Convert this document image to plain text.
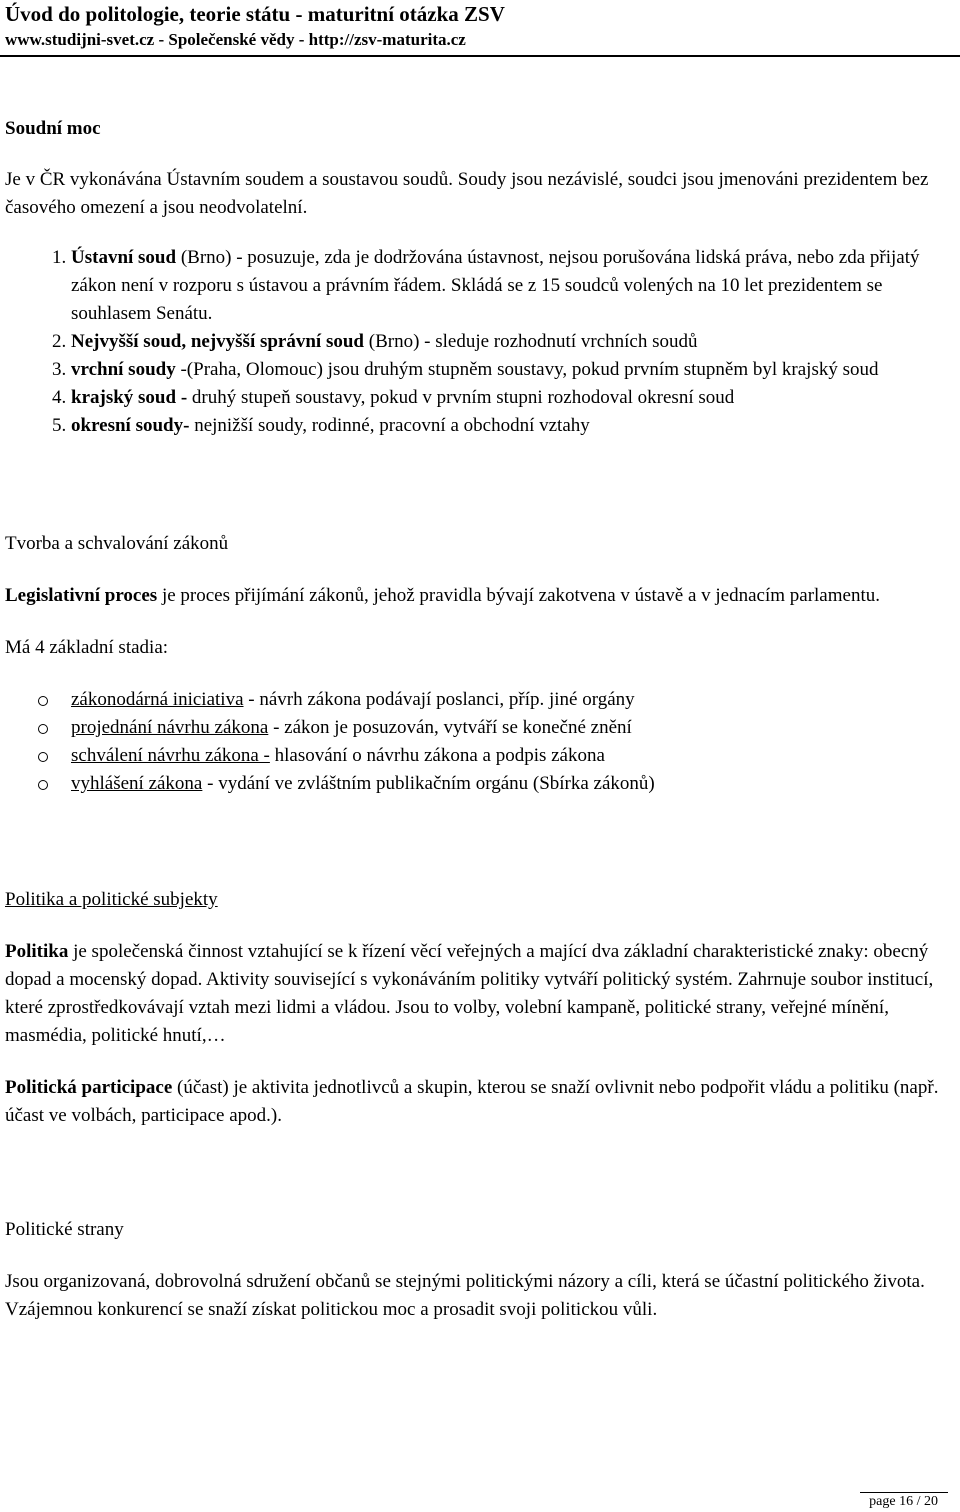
Úvod do politologie, teorie státu - maturitní otázka ZSV
www.studijni-svet.cz - Společenské vědy - http://zsv-maturita.cz

Soudní moc

Je v ČR vykonávána Ústavním soudem a soustavou soudů. Soudy jsou nezávislé, soudci jsou jmenováni prezidentem bez časového omezení a jsou neodvolatelní.

1. Ústavní soud (Brno) - posuzuje, zda je dodržována ústavnost, nejsou porušována lidská práva, nebo zda přijatý zákon není v rozporu s ústavou a právním řádem. Skládá se z 15 soudců volených na 10 let prezidentem se souhlasem Senátu.
2. Nejvyšší soud, nejvyšší správní soud (Brno) - sleduje rozhodnutí vrchních soudů
3. vrchní soudy -(Praha, Olomouc) jsou druhým stupněm soustavy, pokud prvním stupněm byl krajský soud
4. krajský soud - druhý stupeň soustavy, pokud v prvním stupni rozhodoval okresní soud
5. okresní soudy- nejnižší soudy, rodinné, pracovní a obchodní vztahy

Tvorba a schvalování zákonů

Legislativní proces je proces přijímání zákonů, jehož pravidla bývají zakotvena v ústavě a v jednacím parlamentu.

Má 4 základní stadia:

zákonodárná iniciativa - návrh zákona podávají poslanci, příp. jiné orgány
projednání návrhu zákona - zákon je posuzován, vytváří se konečné znění
schválení návrhu zákona - hlasování o návrhu zákona a podpis zákona
vyhlášení zákona - vydání ve zvláštním publikačním orgánu (Sbírka zákonů)

Politika a politické subjekty

Politika je společenská činnost vztahující se k řízení věcí veřejných a mající dva základní charakteristické znaky: obecný dopad a mocenský dopad. Aktivity související s vykonáváním politiky vytváří politický systém. Zahrnuje soubor institucí, které zprostředkovávají vztah mezi lidmi a vládou. Jsou to volby, volební kampaně, politické strany, veřejné mínění, masmédia, politické hnutí,…

Politická participace (účast) je aktivita jednotlivců a skupin, kterou se snaží ovlivnit nebo podpořit vládu a politiku (např. účast ve volbách, participace apod.).

Politické strany

Jsou organizovaná, dobrovolná sdružení občanů se stejnými politickými názory a cíli, která se účastní politického života. Vzájemnou konkurencí se snaží získat politickou moc a prosadit svoji politickou vůli.

page 16 / 20
